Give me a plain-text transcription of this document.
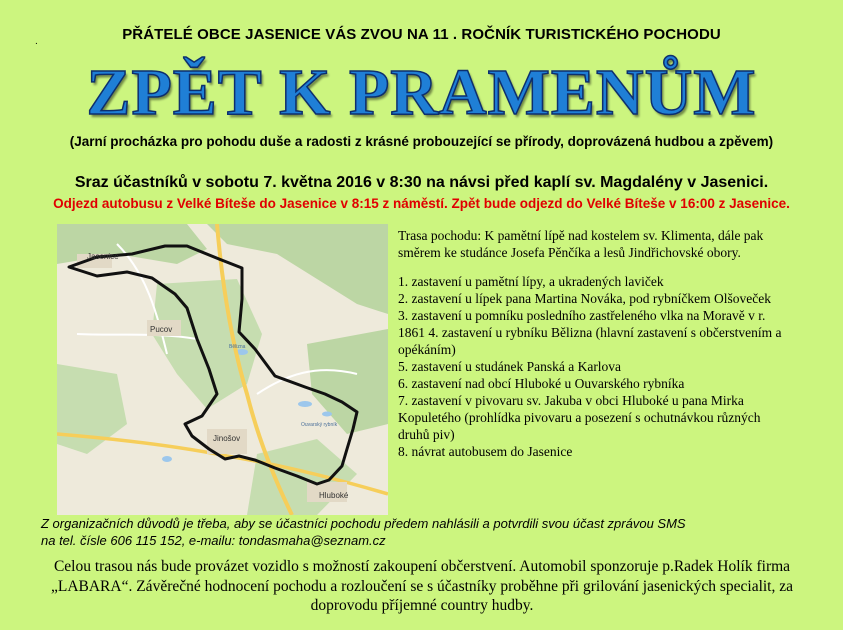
.	PŘÁTELÉ OBCE JASENICE VÁS ZVOU NA 11 . ROČNÍK TURISTICKÉHO POCHODU
ZPĚT K PRAMENŮM
(Jarní procházka pro pohodu duše a radosti z krásné probouzející se přírody, doprovázená hudbou a zpěvem)
Sraz účastníků v sobotu 7. května 2016 v 8:30 na návsi před kaplí sv. Magdalény v Jasenici.
Odjezd autobusu z Velké Bíteše do Jasenice v 8:15 z náměstí. Zpět bude odjezd do Velké Bíteše v 16:00 z Jasenice.
Jasenice
Pucov
Jinošov
Hluboké
Ouvarský rybník
Bělizna

Trasa pochodu: K pamětní lípě nad kostelem sv. Klimenta, dále pak směrem ke studánce Josefa Pěnčíka a lesů Jindřichovské obory.

1. zastavení u pamětní lípy, a ukradených laviček

2. zastavení u lípek pana Martina Nováka, pod rybníčkem Olšoveček

3. zastavení u pomníku posledního zastřeleného vlka na Moravě v r. 1861 4. zastavení u rybníku Bělizna (hlavní zastavení s občerstvením a opékáním)

5. zastavení u studánek Panská a Karlova

6. zastavení nad obcí Hluboké u Ouvarského rybníka

7. zastavení v pivovaru sv. Jakuba v obci Hluboké u pana Mirka Kopuletého (prohlídka pivovaru a posezení s ochutnávkou různých druhů piv)

8. návrat autobusem do Jasenice

Z organizačních důvodů je třeba, aby se účastníci pochodu předem nahlásili a potvrdili svou účast zprávou SMS

na tel. čísle 606 115 152, e-mailu: tondasmaha@seznam.cz

Celou trasou nás bude provázet vozidlo s možností zakoupení občerstvení. Automobil sponzoruje p.Radek Holík firma „LABARA“. Závěrečné hodnocení pochodu a rozloučení se s účastníky proběhne při grilování jasenických specialit, za doprovodu příjemné country hudby.
